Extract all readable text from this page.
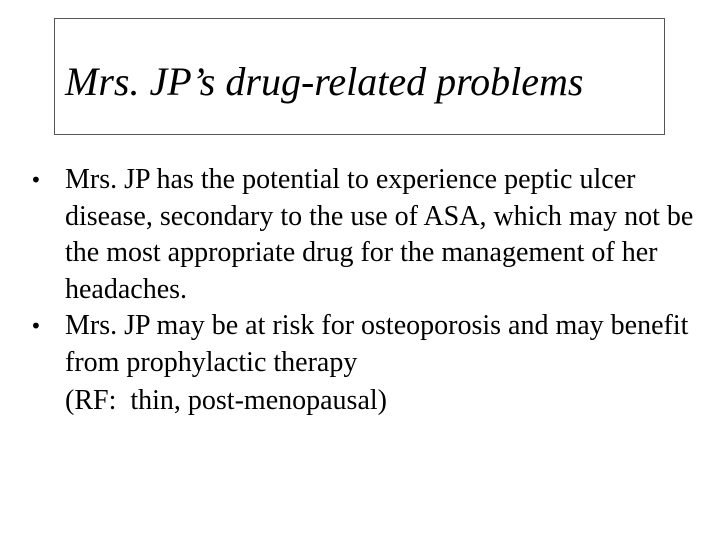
Mrs. JP’s drug-related problems
• Mrs. JP has the potential to experience peptic ulcer disease, secondary to the use of ASA, which may not be the most appropriate drug for the management of her headaches.
• Mrs. JP may be at risk for osteoporosis and may benefit from prophylactic therapy
(RF:  thin, post-menopausal)
